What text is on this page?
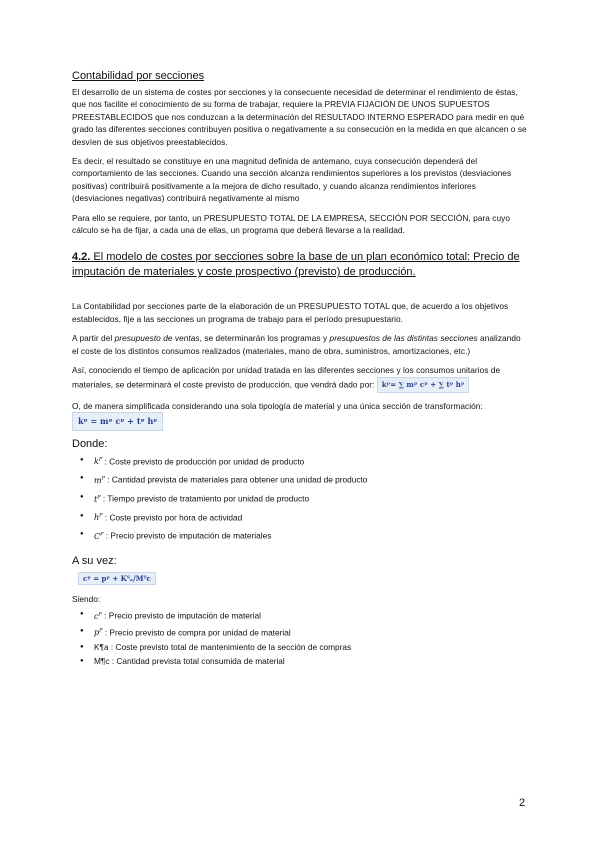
Contabilidad por secciones

El desarrollo de un sistema de costes por secciones y la consecuente necesidad de determinar el rendimiento de éstas, que nos facilite el conocimiento de su forma de trabajar, requiere la PREVIA FIJACIÓN DE UNOS SUPUESTOS PREESTABLECIDOS que nos conduzcan a la determinación del RESULTADO INTERNO ESPERADO para medir en qué grado las diferentes secciones contribuyen positiva o negativamente a su consecución en la medida en que alcancen o se desvíen de sus objetivos preestablecidos.

Es decir, el resultado se constituye en una magnitud definida de antemano, cuya consecución dependerá del comportamiento de las secciones. Cuando una sección alcanza rendimientos superiores a los previstos (desviaciones positivas) contribuirá positivamente a la mejora de dicho resultado, y cuando alcanza rendimientos inferiores (desviaciones negativas) contribuirá negativamente al mismo

Para ello se requiere, por tanto, un PRESUPUESTO TOTAL DE LA EMPRESA, SECCIÓN POR SECCIÓN, para cuyo cálculo se ha de fijar, a cada una de ellas, un programa que deberá llevarse a la realidad.

4.2. El modelo de costes por secciones sobre la base de un plan económico total: Precio de imputación de materiales y coste prospectivo (previsto) de producción.

La Contabilidad por secciones parte de la elaboración de un PRESUPUESTO TOTAL que, de acuerdo a los objetivos establecidos, fije a las secciones un programa de trabajo para el período presupuestario.

A partir del presupuesto de ventas, se determinarán los programas y presupuestos de las distintas secciones analizando el coste de los distintos consumos realizados (materiales, mano de obra, suministros, amortizaciones, etc.)

Así, conociendo el tiempo de aplicación por unidad tratada en las diferentes secciones y los consumos unitarios de materiales, se determinará el coste previsto de producción, que vendrá dado por: kᵖ= ∑ mᵖ cᵖ + ∑ tᵖ hᵖ

O, de manera simplificada considerando una sola tipología de material y una única sección de transformación: kᵖ = mᵖ cᵖ + tᵖ hᵖ

Donde:
● $k^P$ : Coste previsto de producción por unidad de producto
● $m^P$ : Cantidad prevista de materiales para obtener una unidad de producto
● $t^P$ : Tiempo previsto de tratamiento por unidad de producto
● $h^P$ : Coste previsto por hora de actividad
● $C^P$ : Precio previsto de imputación de materiales
A su vez:
cᵖ = pᵖ + Kᵀₐ/Mᵀc
Siendo:
● $c^P$ : Precio previsto de imputación de material
● $p^P$ : Precio previsto de compra por unidad de material
● K¶a : Coste previsto total de mantenimiento de la sección de compras
● M¶c : Cantidad prevista total consumida de material
2
